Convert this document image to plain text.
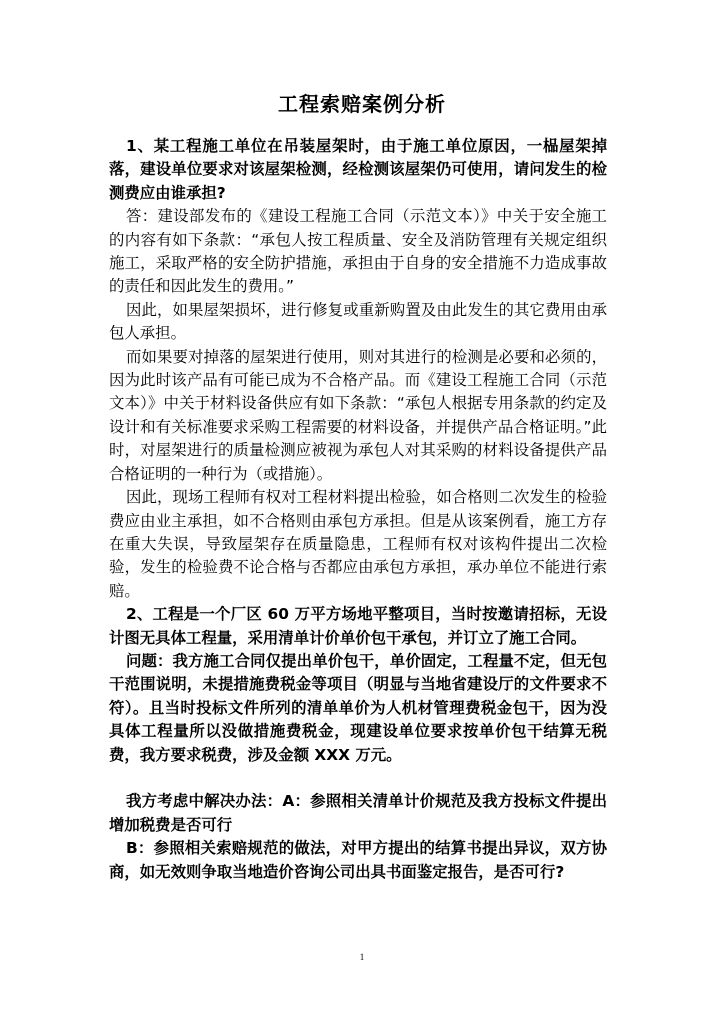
工程索赔案例分析

1、某工程施工单位在吊装屋架时，由于施工单位原因，一榀屋架掉落，建设单位要求对该屋架检测，经检测该屋架仍可使用，请问发生的检测费应由谁承担?

答：建设部发布的《建设工程施工合同（示范文本）》中关于安全施工的内容有如下条款：“承包人按工程质量、安全及消防管理有关规定组织施工，采取严格的安全防护措施，承担由于自身的安全措施不力造成事故的责任和因此发生的费用。”

因此，如果屋架损坏，进行修复或重新购置及由此发生的其它费用由承包人承担。

而如果要对掉落的屋架进行使用，则对其进行的检测是必要和必须的，因为此时该产品有可能已成为不合格产品。而《建设工程施工合同（示范文本）》中关于材料设备供应有如下条款：“承包人根据专用条款的约定及设计和有关标准要求采购工程需要的材料设备，并提供产品合格证明。”此时，对屋架进行的质量检测应被视为承包人对其采购的材料设备提供产品合格证明的一种行为（或措施）。

因此，现场工程师有权对工程材料提出检验，如合格则二次发生的检验费应由业主承担，如不合格则由承包方承担。但是从该案例看，施工方存在重大失误，导致屋架存在质量隐患，工程师有权对该构件提出二次检验，发生的检验费不论合格与否都应由承包方承担，承办单位不能进行索赔。

2、工程是一个厂区 60 万平方场地平整项目，当时按邀请招标，无设计图无具体工程量，采用清单计价单价包干承包，并订立了施工合同。

问题：我方施工合同仅提出单价包干，单价固定，工程量不定，但无包干范围说明，未提措施费税金等项目（明显与当地省建设厅的文件要求不符）。且当时投标文件所列的清单单价为人机材管理费税金包干，因为没具体工程量所以没做措施费税金，现建设单位要求按单价包干结算无税费，我方要求税费，涉及金额 XXX 万元。

我方考虑中解决办法：A：参照相关清单计价规范及我方投标文件提出增加税费是否可行

B：参照相关索赔规范的做法，对甲方提出的结算书提出异议，双方协商，如无效则争取当地造价咨询公司出具书面鉴定报告，是否可行?

1
